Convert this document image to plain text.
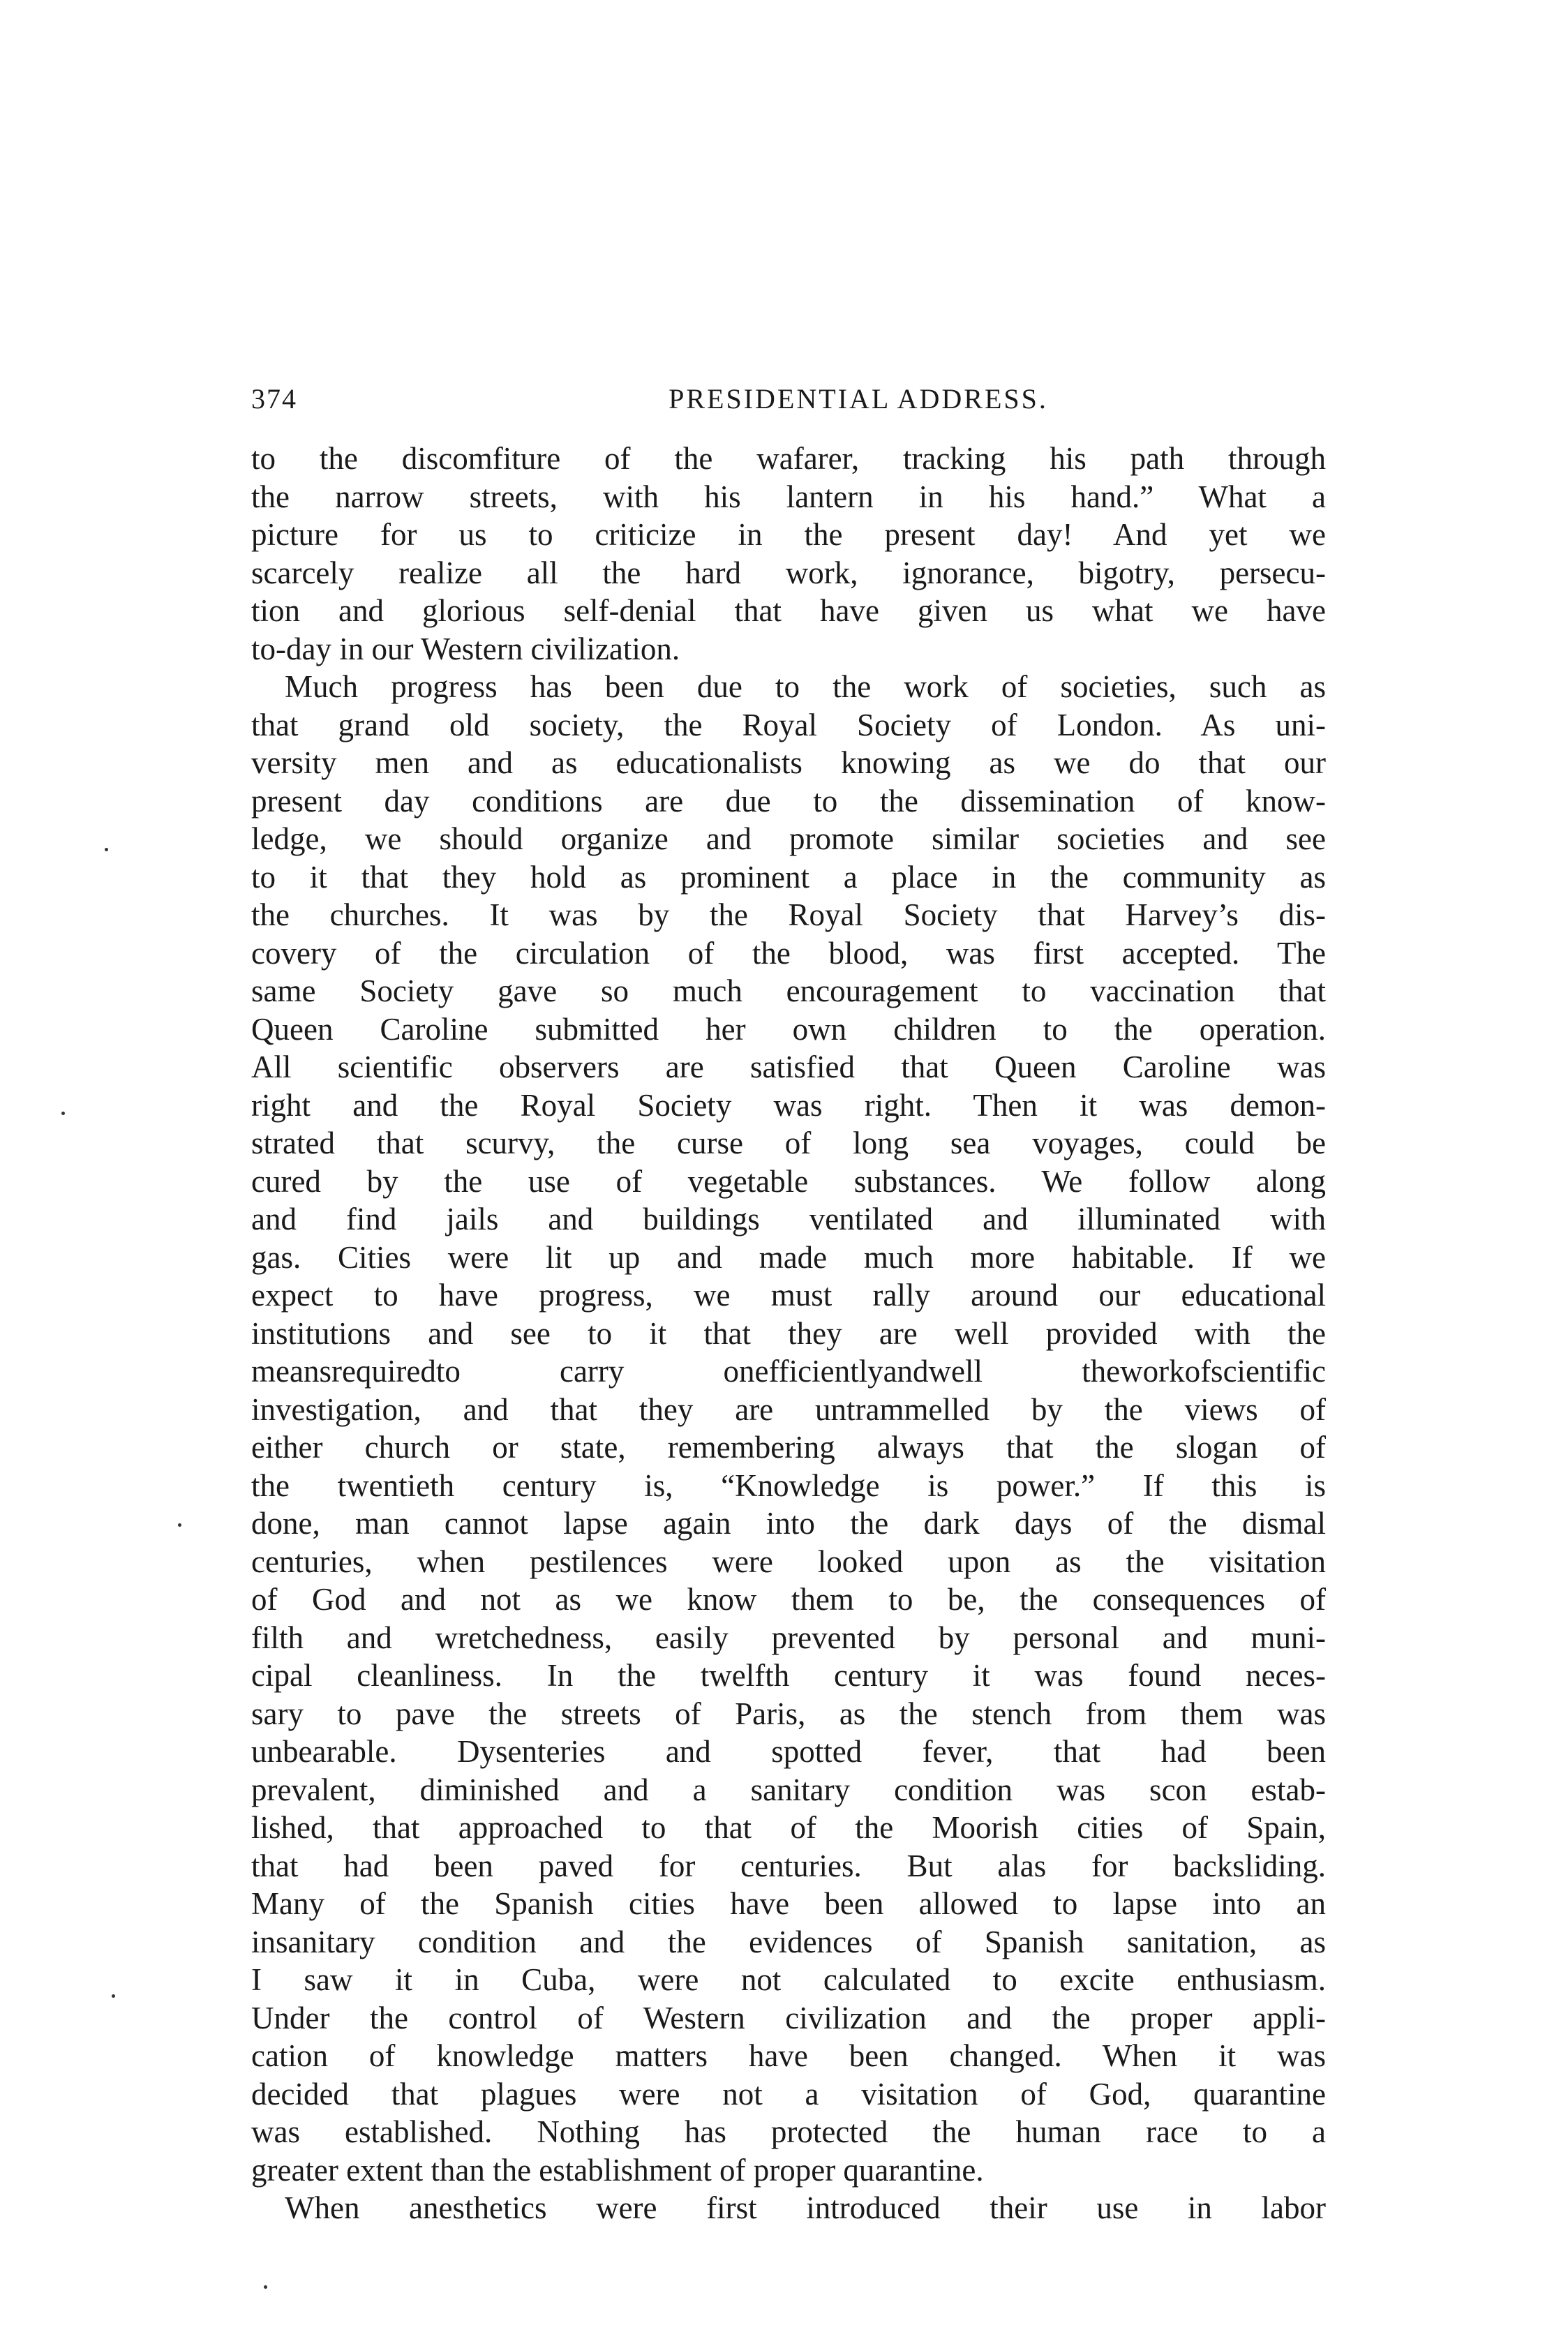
374	PRESIDENTIAL ADDRESS.
to the discomfiture of the wafarer, tracking his path through
the narrow streets, with his lantern in his hand.” What a
picture for us to criticize in the present day! And yet we
scarcely realize all the hard work, ignorance, bigotry, persecu-
tion and glorious self-denial that have given us what we have
to-day in our Western civilization.
Much progress has been due to the work of societies, such as
that grand old society, the Royal Society of London. As uni-
versity men and as educationalists knowing as we do that our
present day conditions are due to the dissemination of know-
ledge, we should organize and promote similar societies and see
to it that they hold as prominent a place in the community as
the churches. It was by the Royal Society that Harvey’s dis-
covery of the circulation of the blood, was first accepted. The
same Society gave so much encouragement to vaccination that
Queen Caroline submitted her own children to the operation.
All scientific observers are satisfied that Queen Caroline was
right and the Royal Society was right. Then it was demon-
strated that scurvy, the curse of long sea voyages, could be
cured by the use of vegetable substances. We follow along
and find jails and buildings ventilated and illuminated with
gas. Cities were lit up and made much more habitable. If we
expect to have progress, we must rally around our educational
institutions and see to it that they are well provided with the
meansrequiredto carry onefficientlyandwell theworkofscientific
investigation, and that they are untrammelled by the views of
either church or state, remembering always that the slogan of
the twentieth century is, “Knowledge is power.” If this is
done, man cannot lapse again into the dark days of the dismal
centuries, when pestilences were looked upon as the visitation
of God and not as we know them to be, the consequences of
filth and wretchedness, easily prevented by personal and muni-
cipal cleanliness. In the twelfth century it was found neces-
sary to pave the streets of Paris, as the stench from them was
unbearable. Dysenteries and spotted fever, that had been
prevalent, diminished and a sanitary condition was scon estab-
lished, that approached to that of the Moorish cities of Spain,
that had been paved for centuries. But alas for backsliding.
Many of the Spanish cities have been allowed to lapse into an
insanitary condition and the evidences of Spanish sanitation, as
I saw it in Cuba, were not calculated to excite enthusiasm.
Under the control of Western civilization and the proper appli-
cation of knowledge matters have been changed. When it was
decided that plagues were not a visitation of God, quarantine
was established. Nothing has protected the human race to a
greater extent than the establishment of proper quarantine.
When anesthetics were first introduced their use in labor
